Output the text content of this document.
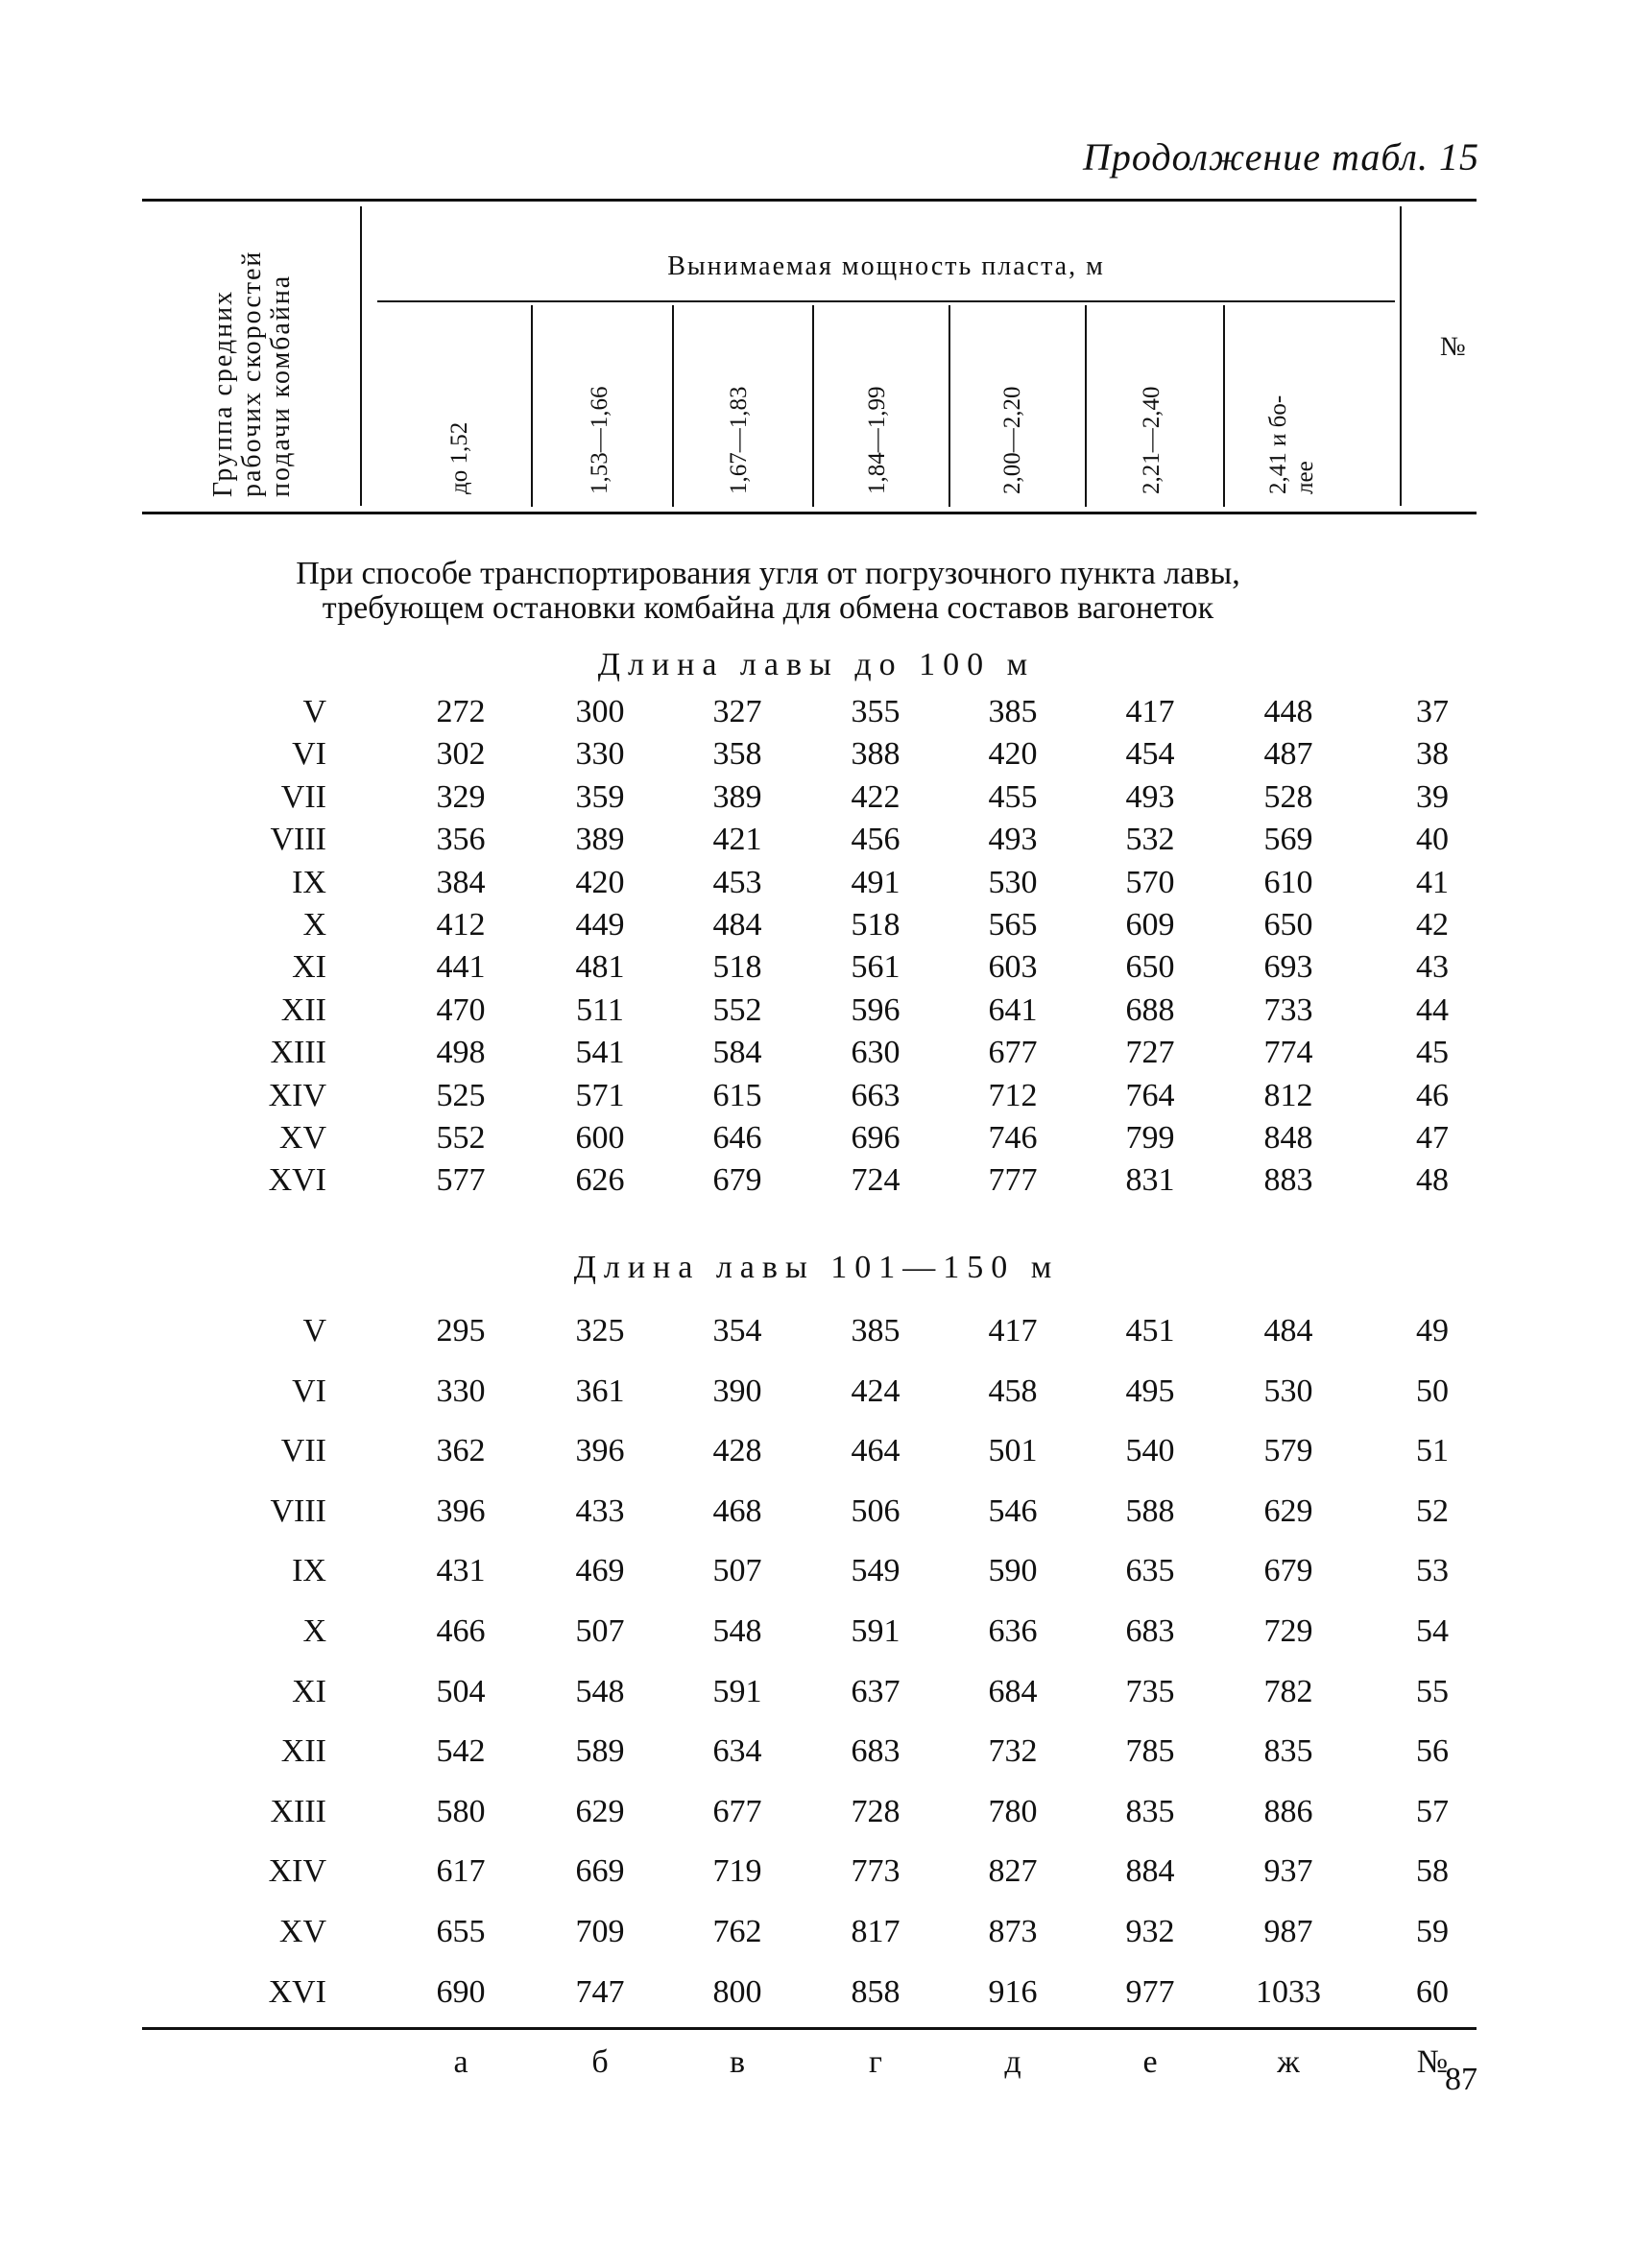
Продолжение табл. 15
Группа средних рабочих скоростей подачи комбайна
Вынимаемая мощность пласта, м
до 1,52	1,53—1,66	1,67—1,83	1,84—1,99	2,00—2,20	2,21—2,40	2,41 и бо- лее
№
При способе транспортирования угля от погрузочного пункта лавы,
требующем остановки комбайна для обмена составов вагонеток
Длина лавы до 100 м
V	272	300	327	355	385	417	448	37
VI	302	330	358	388	420	454	487	38
VII	329	359	389	422	455	493	528	39
VIII	356	389	421	456	493	532	569	40
IX	384	420	453	491	530	570	610	41
X	412	449	484	518	565	609	650	42
XI	441	481	518	561	603	650	693	43
XII	470	511	552	596	641	688	733	44
XIII	498	541	584	630	677	727	774	45
XIV	525	571	615	663	712	764	812	46
XV	552	600	646	696	746	799	848	47
XVI	577	626	679	724	777	831	883	48
Длина лавы 101—150 м
V	295	325	354	385	417	451	484	49
VI	330	361	390	424	458	495	530	50
VII	362	396	428	464	501	540	579	51
VIII	396	433	468	506	546	588	629	52
IX	431	469	507	549	590	635	679	53
X	466	507	548	591	636	683	729	54
XI	504	548	591	637	684	735	782	55
XII	542	589	634	683	732	785	835	56
XIII	580	629	677	728	780	835	886	57
XIV	617	669	719	773	827	884	937	58
XV	655	709	762	817	873	932	987	59
XVI	690	747	800	858	916	977	1033	60
а	б	в	г	д	е	ж	№
87
